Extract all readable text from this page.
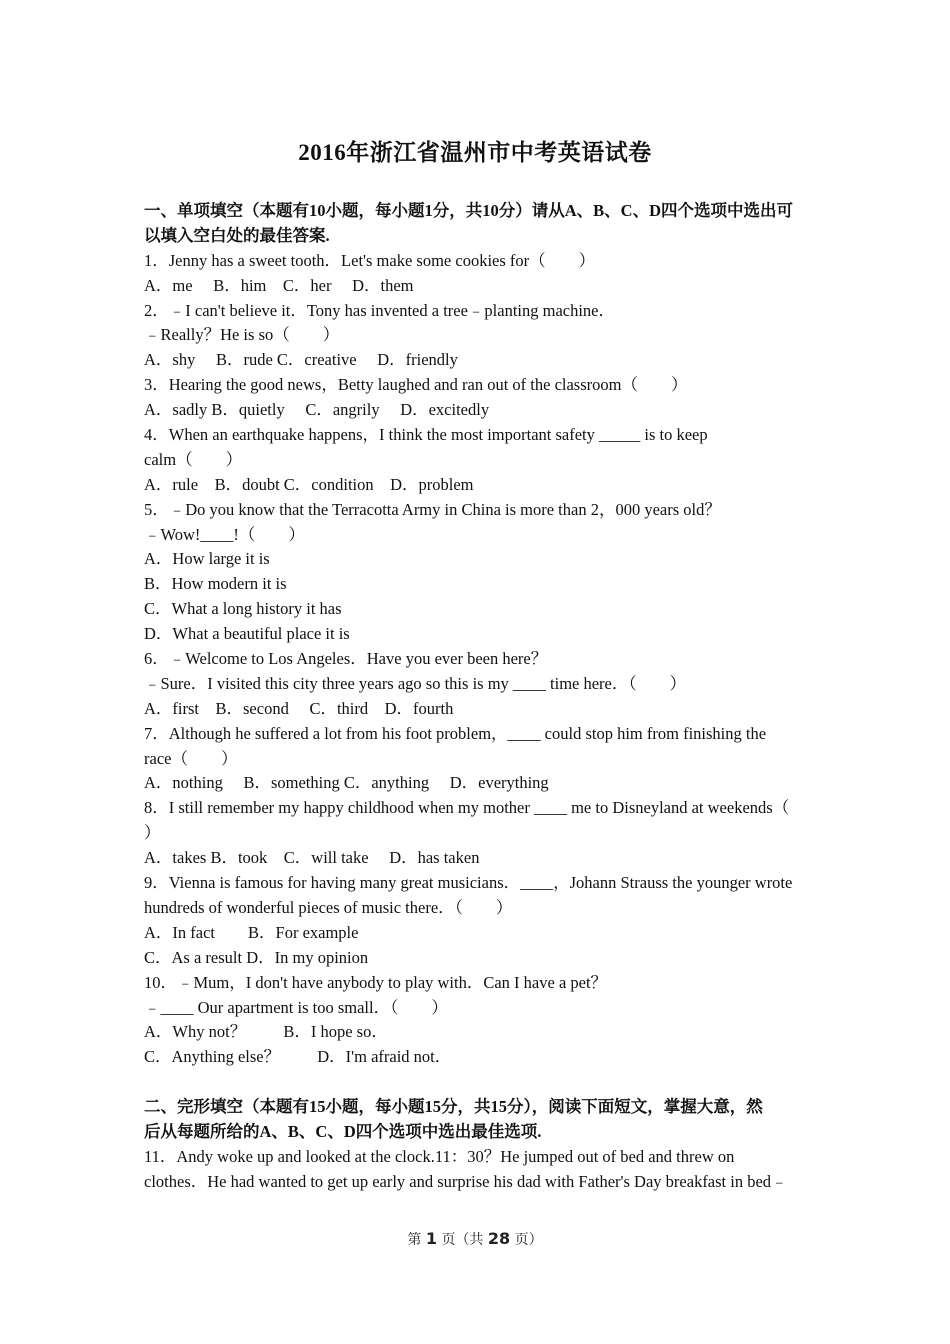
2016年浙江省温州市中考英语试卷
一、单项填空（本题有10小题，每小题1分，共10分）请从A、B、C、D四个选项中选出可
以填入空白处的最佳答案.
1．Jenny has a sweet tooth．Let's make some cookies for（　　）
A．me　 B．him　C．her　 D．them
2．﹣I can't believe it．Tony has invented a tree﹣planting machine．
﹣Really？He is so（　　）
A．shy　 B．rude C．creative　 D．friendly
3．Hearing the good news，Betty laughed and ran out of the classroom（　　）
A．sadly B．quietly　 C．angrily　 D．excitedly
4．When an earthquake happens，I think the most important safety _____ is to keep
calm（　　）
A．rule　B．doubt C．condition　D．problem
5．﹣Do you know that the Terracotta Army in China is more than 2，000 years old？
﹣Wow!____!（　　）
A．How large it is
B．How modern it is
C．What a long history it has
D．What a beautiful place it is
6．﹣Welcome to Los Angeles．Have you ever been here？
﹣Sure．I visited this city three years ago so this is my ____ time here．（　　）
A．first　B．second　 C．third　D．fourth
7．Although he suffered a lot from his foot problem，____ could stop him from finishing the
race（　　）
A．nothing　 B．something C．anything　 D．everything
8．I still remember my happy childhood when my mother ____ me to Disneyland at weekends（
）
A．takes B．took　C．will take　 D．has taken
9．Vienna is famous for having many great musicians．____，Johann Strauss the younger wrote
hundreds of wonderful pieces of music there．（　　）
A．In fact　　B．For example
C．As a result D．In my opinion
10．﹣Mum，I don't have anybody to play with．Can I have a pet？
﹣____ Our apartment is too small．（　　）
A．Why not？　　 B．I hope so．
C．Anything else？　　 D．I'm afraid not．
二、完形填空（本题有15小题，每小题15分，共15分），阅读下面短文，掌握大意，然
后从每题所给的A、B、C、D四个选项中选出最佳选项.
11．Andy woke up and looked at the clock.11：30？He jumped out of bed and threw on
clothes．He had wanted to get up early and surprise his dad with Father's Day breakfast in bed﹣
第 1 页（共 28 页）
